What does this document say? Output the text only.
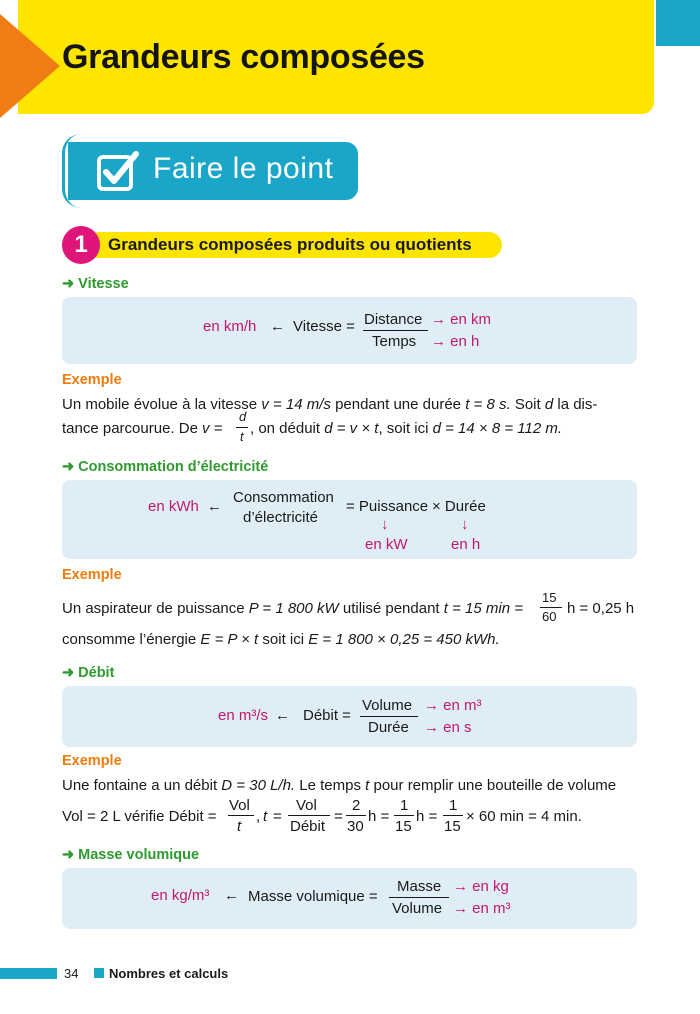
Grandeurs composées
Faire le point
1	Grandeurs composées produits ou quotients
➜ Vitesse
en km/h ← Vitesse = Distance
Temps
→ en km
→ en h
Exemple
Un mobile évolue à la vitesse v = 14 m/s pendant une durée t = 8 s. Soit d la dis-
tance parcourue. De v =
d
t , on déduit d = v × t, soit ici d = 14 × 8 = 112 m.
➜ Consommation d’électricité
en kWh ←
Consommation
d’électricité
= Puissance × Durée
↓	↓
en kW	en h
Exemple
Un aspirateur de puissance P = 1 800 kW utilisé pendant t = 15 min =
15
60 h = 0,25 h
consomme l’énergie E = P × t soit ici E = 1 800 × 0,25 = 450 kWh.
➜ Débit
en m³/s ← Débit =
Volume
Durée
→ en m³
→ en s
Exemple
Une fontaine a un débit D = 30 L/h. Le temps t pour remplir une bouteille de volume
Vol = 2 L vérifie Débit =
Vol
t
, t =
Vol
Débit
=
2
30
h =
1
15
h =
1
15
× 60 min = 4 min.
➜ Masse volumique
en kg/m³ ← Masse volumique =
Masse
Volume
→ en kg
→ en m³
34 Nombres et calculs
